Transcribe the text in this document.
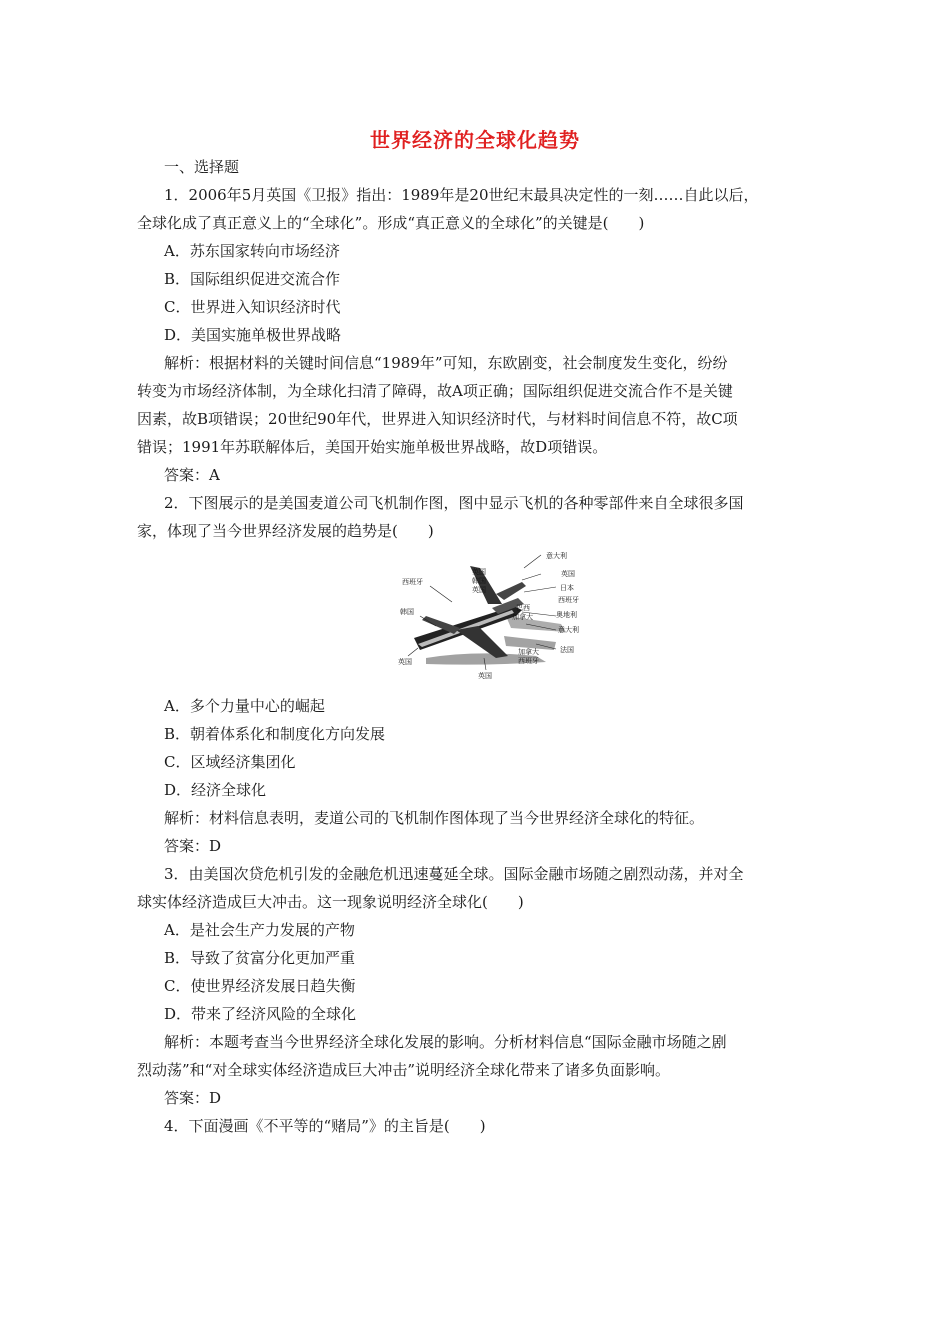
世界经济的全球化趋势
一、选择题
1．2006年5月英国《卫报》指出：1989年是20世纪末最具决定性的一刻……自此以后，
全球化成了真正意义上的“全球化”。形成“真正意义的全球化”的关键是(　　)
A．苏东国家转向市场经济
B．国际组织促进交流合作
C．世界进入知识经济时代
D．美国实施单极世界战略
解析：根据材料的关键时间信息“1989年”可知，东欧剧变，社会制度发生变化，纷纷
转变为市场经济体制，为全球化扫清了障碍，故A项正确；国际组织促进交流合作不是关键
因素，故B项错误；20世纪90年代，世界进入知识经济时代，与材料时间信息不符，故C项
错误；1991年苏联解体后，美国开始实施单极世界战略，故D项错误。
答案：A
2．下图展示的是美国麦道公司飞机制作图，图中显示飞机的各种零部件来自全球很多国
家，体现了当今世界经济发展的趋势是(　　)
意大利
英国
日本
西班牙
巴西
加拿大	奥地利
意大利
加拿大
西班牙
法国
西班牙
英国
韩国
英国
韩国
英国
英国
A．多个力量中心的崛起
B．朝着体系化和制度化方向发展
C．区域经济集团化
D．经济全球化
解析：材料信息表明，麦道公司的飞机制作图体现了当今世界经济全球化的特征。
答案：D
3．由美国次贷危机引发的金融危机迅速蔓延全球。国际金融市场随之剧烈动荡，并对全
球实体经济造成巨大冲击。这一现象说明经济全球化(　　)
A．是社会生产力发展的产物
B．导致了贫富分化更加严重
C．使世界经济发展日趋失衡
D．带来了经济风险的全球化
解析：本题考查当今世界经济全球化发展的影响。分析材料信息“国际金融市场随之剧
烈动荡”和“对全球实体经济造成巨大冲击”说明经济全球化带来了诸多负面影响。
答案：D
4．下面漫画《不平等的“赌局”》的主旨是(　　)
